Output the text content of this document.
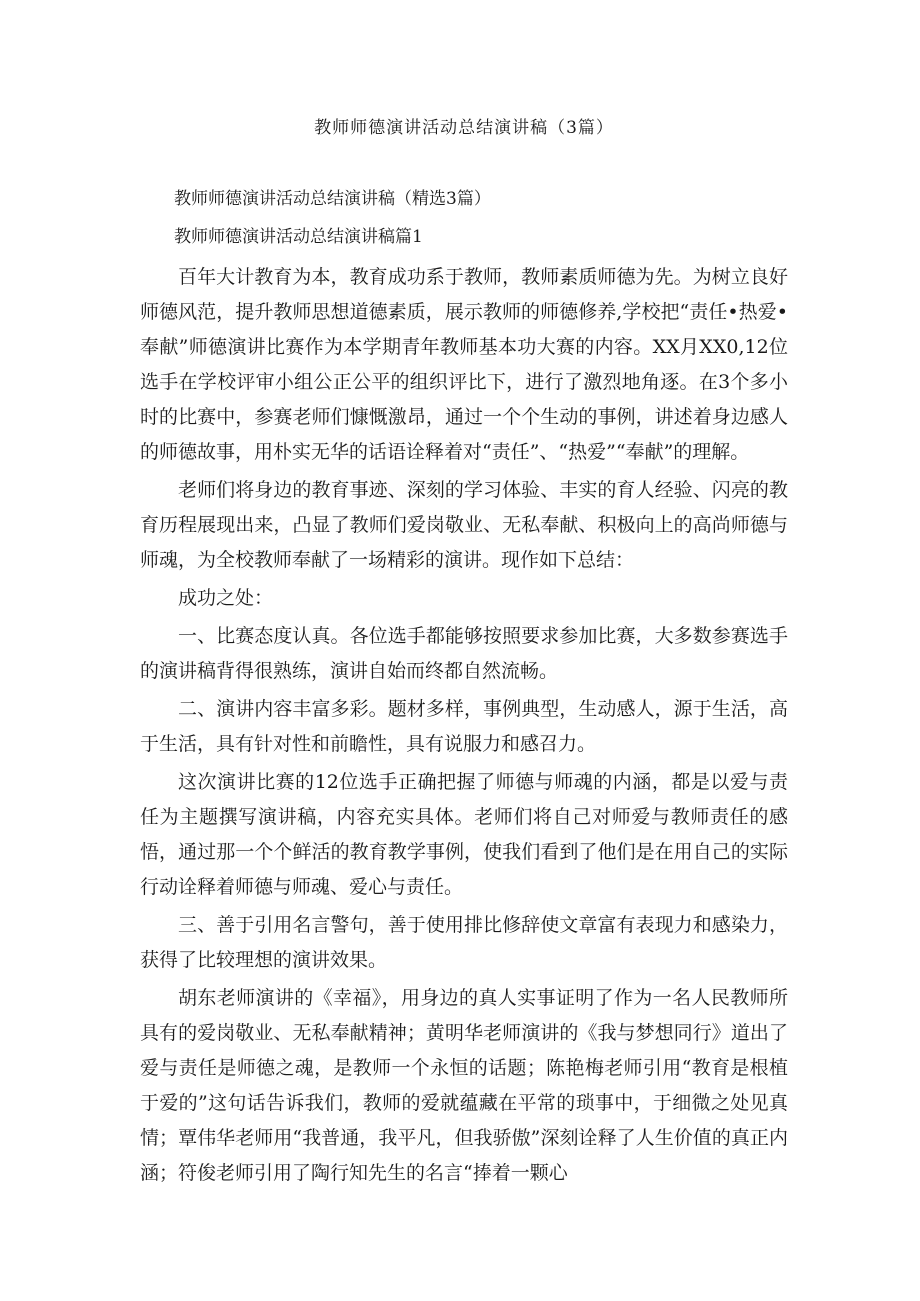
教师师德演讲活动总结演讲稿（3篇）
教师师德演讲活动总结演讲稿（精选3篇）
教师师德演讲活动总结演讲稿篇1

百年大计教育为本，教育成功系于教师，教师素质师德为先。为树立良好师德风范，提升教师思想道德素质，展示教师的师德修养,学校把“责任•热爱•奉献”师德演讲比赛作为本学期青年教师基本功大赛的内容。XX月XX0,12位选手在学校评审小组公正公平的组织评比下，进行了激烈地角逐。在3个多小时的比赛中，参赛老师们慷慨激昂，通过一个个生动的事例，讲述着身边感人的师德故事，用朴实无华的话语诠释着对“责任”、“热爱”“奉献”的理解。

老师们将身边的教育事迹、深刻的学习体验、丰实的育人经验、闪亮的教育历程展现出来，凸显了教师们爱岗敬业、无私奉献、积极向上的高尚师德与师魂，为全校教师奉献了一场精彩的演讲。现作如下总结：

成功之处：

一、比赛态度认真。各位选手都能够按照要求参加比赛，大多数参赛选手的演讲稿背得很熟练，演讲自始而终都自然流畅。

二、演讲内容丰富多彩。题材多样，事例典型，生动感人，源于生活，高于生活，具有针对性和前瞻性，具有说服力和感召力。

这次演讲比赛的12位选手正确把握了师德与师魂的内涵，都是以爱与责任为主题撰写演讲稿，内容充实具体。老师们将自己对师爱与教师责任的感悟，通过那一个个鲜活的教育教学事例，使我们看到了他们是在用自己的实际行动诠释着师德与师魂、爱心与责任。

三、善于引用名言警句，善于使用排比修辞使文章富有表现力和感染力，获得了比较理想的演讲效果。

胡东老师演讲的《幸福》，用身边的真人实事证明了作为一名人民教师所具有的爱岗敬业、无私奉献精神；黄明华老师演讲的《我与梦想同行》道出了爱与责任是师德之魂，是教师一个永恒的话题；陈艳梅老师引用“教育是根植于爱的”这句话告诉我们，教师的爱就蕴藏在平常的琐事中，于细微之处见真情；覃伟华老师用“我普通，我平凡，但我骄傲”深刻诠释了人生价值的真正内涵；符俊老师引用了陶行知先生的名言“捧着一颗心
